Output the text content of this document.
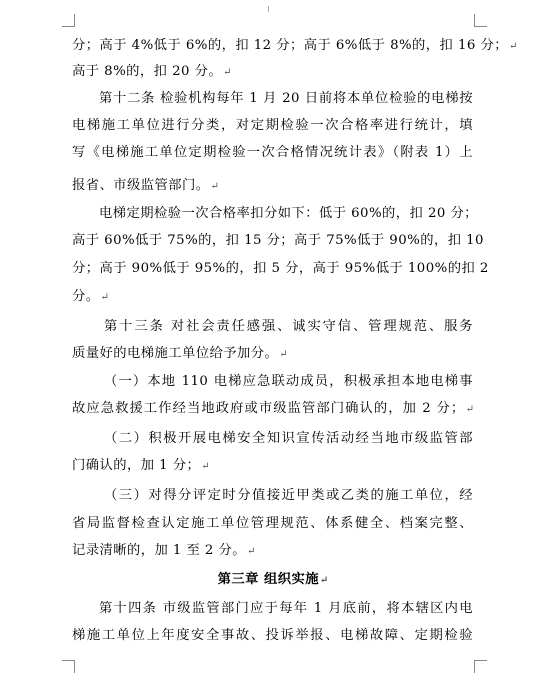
分；高于 4%低于 6%的，扣 12 分；高于 6%低于 8%的，扣 16 分；↵
高于 8%的，扣 20 分。↵
第十二条 检验机构每年 1 月 20 日前将本单位检验的电梯按
电梯施工单位进行分类，对定期检验一次合格率进行统计，填
写《电梯施工单位定期检验一次合格情况统计表》（附表 1）上
报省、市级监管部门。↵
电梯定期检验一次合格率扣分如下：低于 60%的，扣 20 分；
高于 60%低于 75%的，扣 15 分；高于 75%低于 90%的，扣 10
分；高于 90%低于 95%的，扣 5 分，高于 95%低于 100%的扣 2
分。↵
第十三条 对社会责任感强、诚实守信、管理规范、服务
质量好的电梯施工单位给予加分。↵
（一）本地 110 电梯应急联动成员，积极承担本地电梯事
故应急救援工作经当地政府或市级监管部门确认的，加 2 分；↵
（二）积极开展电梯安全知识宣传活动经当地市级监管部
门确认的，加 1 分；↵
（三）对得分评定时分值接近甲类或乙类的施工单位，经
省局监督检查认定施工单位管理规范、体系健全、档案完整、
记录清晰的，加 1 至 2 分。↵
第三章 组织实施↵
第十四条 市级监管部门应于每年 1 月底前，将本辖区内电
梯施工单位上年度安全事故、投诉举报、电梯故障、定期检验
